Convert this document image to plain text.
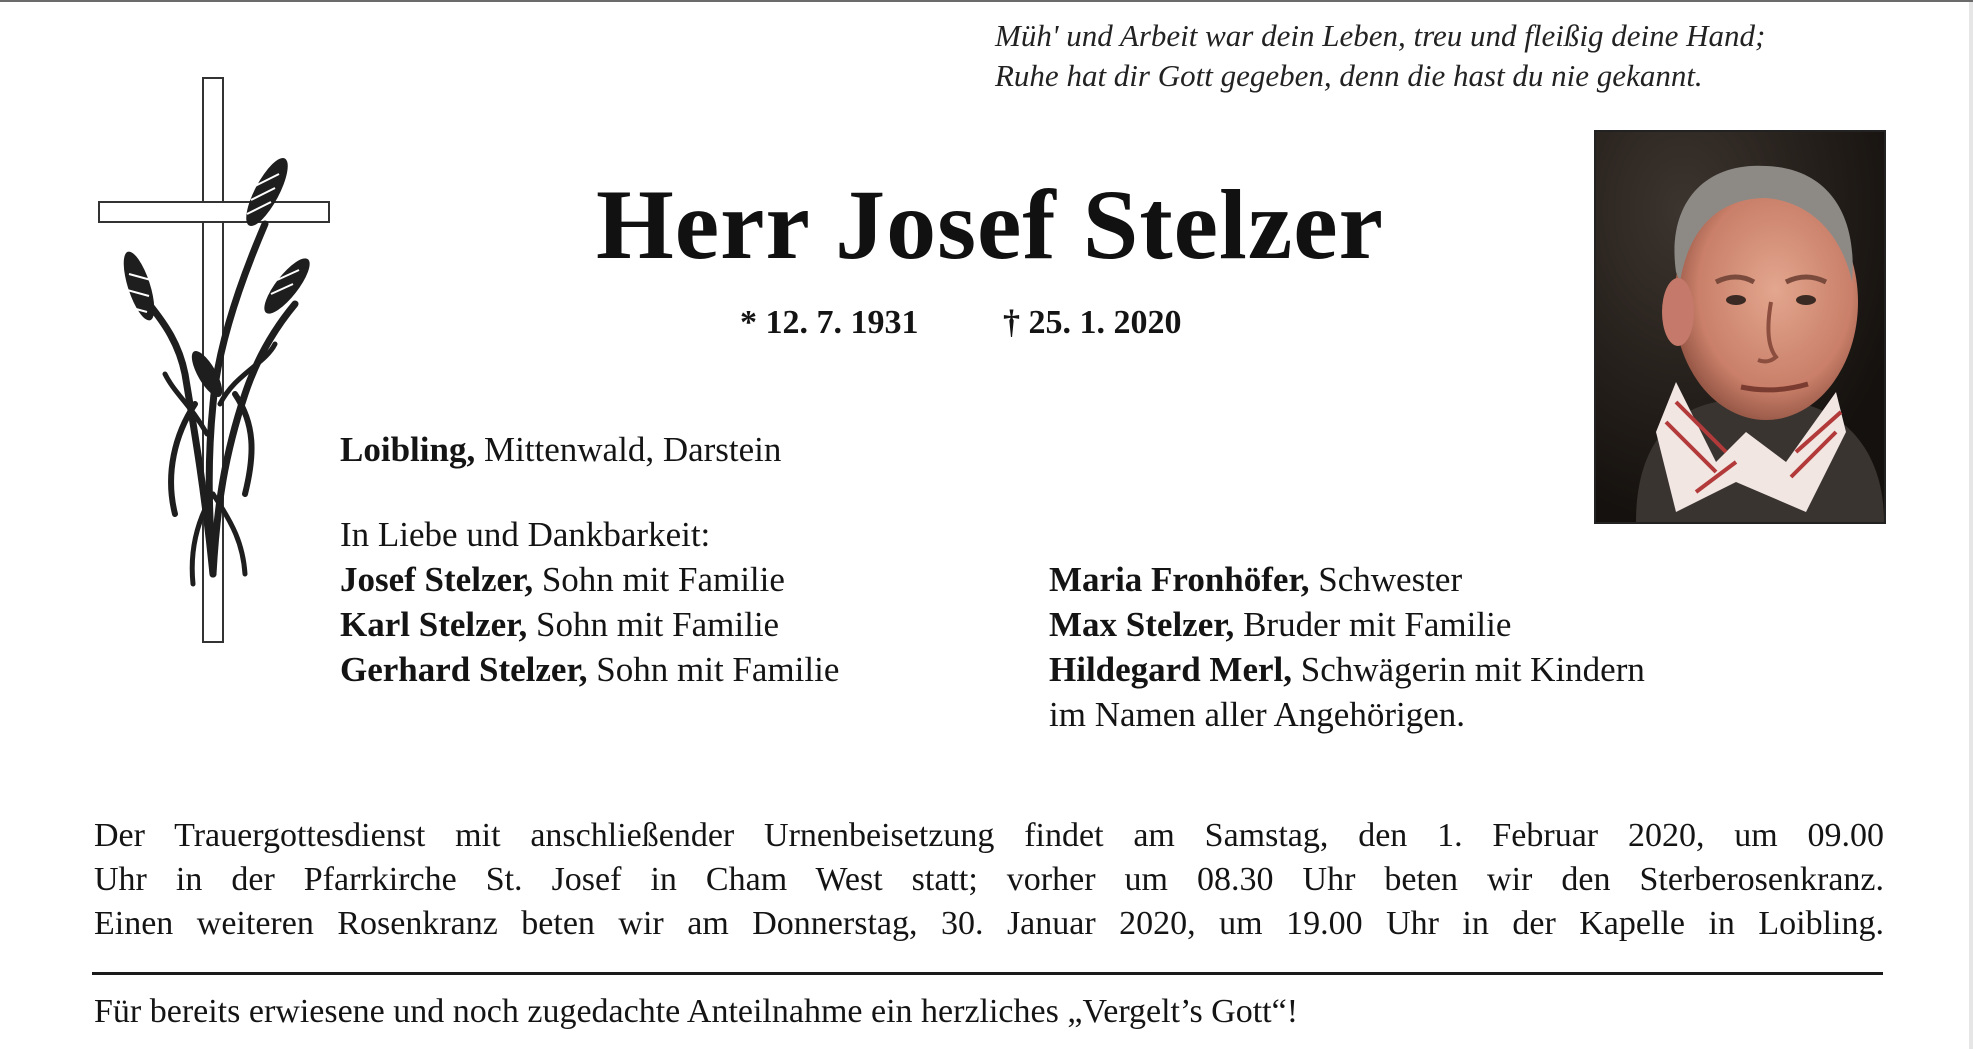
Müh' und Arbeit war dein Leben, treu und fleißig deine Hand;
Ruhe hat dir Gott gegeben, denn die hast du nie gekannt.
Herr Josef Stelzer
* 12. 7. 1931 † 25. 1. 2020
Loibling, Mittenwald, Darstein
In Liebe und Dankbarkeit:
Josef Stelzer, Sohn mit Familie
Karl Stelzer, Sohn mit Familie
Gerhard Stelzer, Sohn mit Familie
Maria Fronhöfer, Schwester
Max Stelzer, Bruder mit Familie
Hildegard Merl, Schwägerin mit Kindern
im Namen aller Angehörigen.
Der Trauergottesdienst mit anschließender Urnenbeisetzung findet am Samstag, den 1. Februar 2020, um 09.00
Uhr in der Pfarrkirche St. Josef in Cham West statt; vorher um 08.30 Uhr beten wir den Sterberosenkranz.
Einen weiteren Rosenkranz beten wir am Donnerstag, 30. Januar 2020, um 19.00 Uhr in der Kapelle in Loibling.
Für bereits erwiesene und noch zugedachte Anteilnahme ein herzliches „Vergelt’s Gott“!
